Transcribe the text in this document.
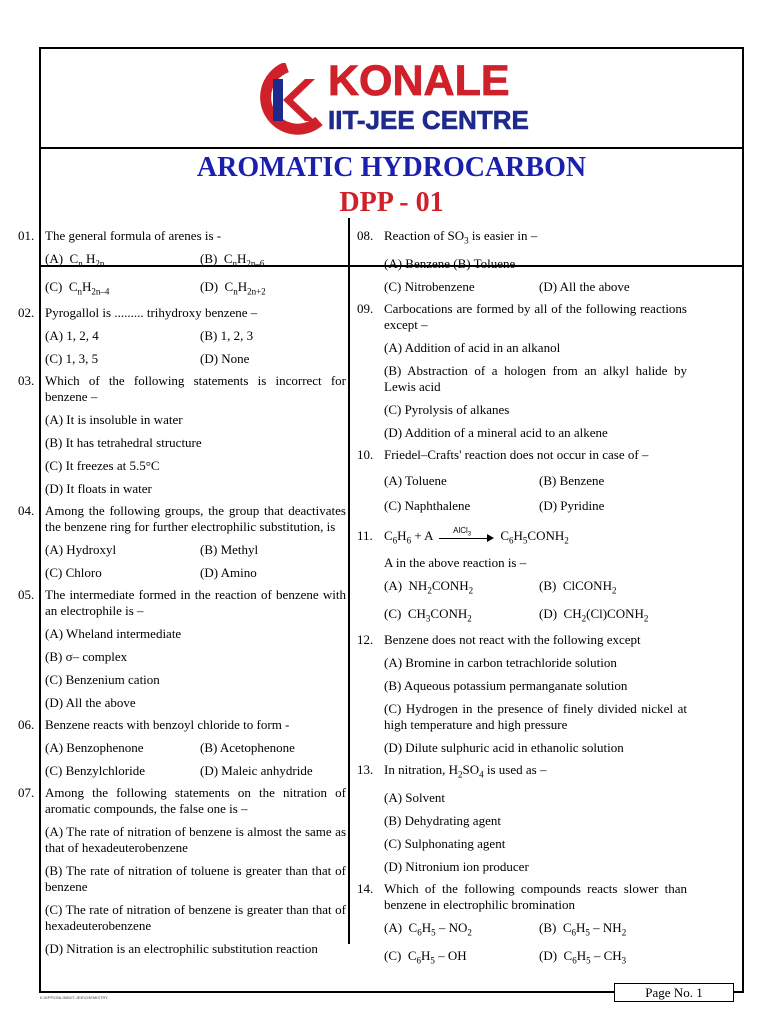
KONALE
IIT-JEE CENTRE
AROMATIC HYDROCARBON
DPP - 01
01. The general formula of arenes is -
(A)  $C_n$ $H_{2n}$	(B)  $C_nH_{2n-6}$
(C)  $C_nH_{2n-4}$	(D)  $C_nH_{2n+2}$
02. Pyrogallol is ......... trihydroxy benzene –
(A) 1, 2, 4	(B) 1, 2, 3
(C) 1, 3, 5	(D) None
03. Which of the following statements is incorrect for benzene –
(A) It is insoluble in water
(B) It has tetrahedral structure
(C) It freezes at 5.5°C
(D) It floats in water
04. Among the following groups, the group that deactivates the benzene ring for further electrophilic substitution, is
(A) Hydroxyl	(B) Methyl
(C) Chloro	(D) Amino
05. The intermediate formed in the reaction of benzene with an electrophile is –
(A) Wheland intermediate
(B) σ– complex
(C) Benzenium cation
(D) All the above
06. Benzene reacts with benzoyl chloride to form -
(A) Benzophenone	(B) Acetophenone
(C) Benzylchloride	(D) Maleic anhydride
07. Among the following statements on the nitration of aromatic compounds, the false one is –
(A) The rate of nitration of benzene is almost the same as that of hexadeuterobenzene
(B) The rate of nitration of toluene is greater than that of benzene
(C) The rate of nitration of benzene is greater than that of hexadeuterobenzene
(D) Nitration is an electrophilic substitution reaction
08. Reaction of $SO_3$ is easier in –
(A) Benzene (B) Toluene
(C) Nitrobenzene	(D) All the above
09. Carbocations are formed by all of the following reactions except –
(A) Addition of acid in an alkanol
(B) Abstraction of a hologen from an alkyl halide by Lewis acid
(C) Pyrolysis of alkanes
(D) Addition of a mineral acid to an alkene
10. Friedel–Crafts' reaction does not occur in case of –
(A) Toluene	(B) Benzene
(C) Naphthalene	(D) Pyridine
11. $C_6H_6 + A$ AlCl$_3$ $C_6H_5CONH_2$
A in the above reaction is –
(A)  $NH_2CONH_2$	(B)  ClCONH$_2$
(C)  $CH_3CONH_2$	(D)  $CH_2(Cl)CONH_2$
12. Benzene does not react with the following except
(A) Bromine in carbon tetrachloride solution
(B) Aqueous potassium permanganate solution
(C) Hydrogen in the presence of finely divided nickel at high temperature and high pressure
(D) Dilute sulphuric acid in ethanolic solution
13. In nitration, $H_2SO_4$ is used as –
(A) Solvent
(B) Dehydrating agent
(C) Sulphonating agent
(D) Nitronium ion producer
14. Which of the following compounds reacts slower than benzene in electrophilic bromination
(A)  $C_6H_5 - NO_2$	(B)  $C_6H_5 - NH_2$
(C)  $C_6H_5$ – OH	(D)  $C_6H_5 - CH_3$
K:\DPP\ONLINE\IIT-JEE\CHEMISTRY	Page No. 1
